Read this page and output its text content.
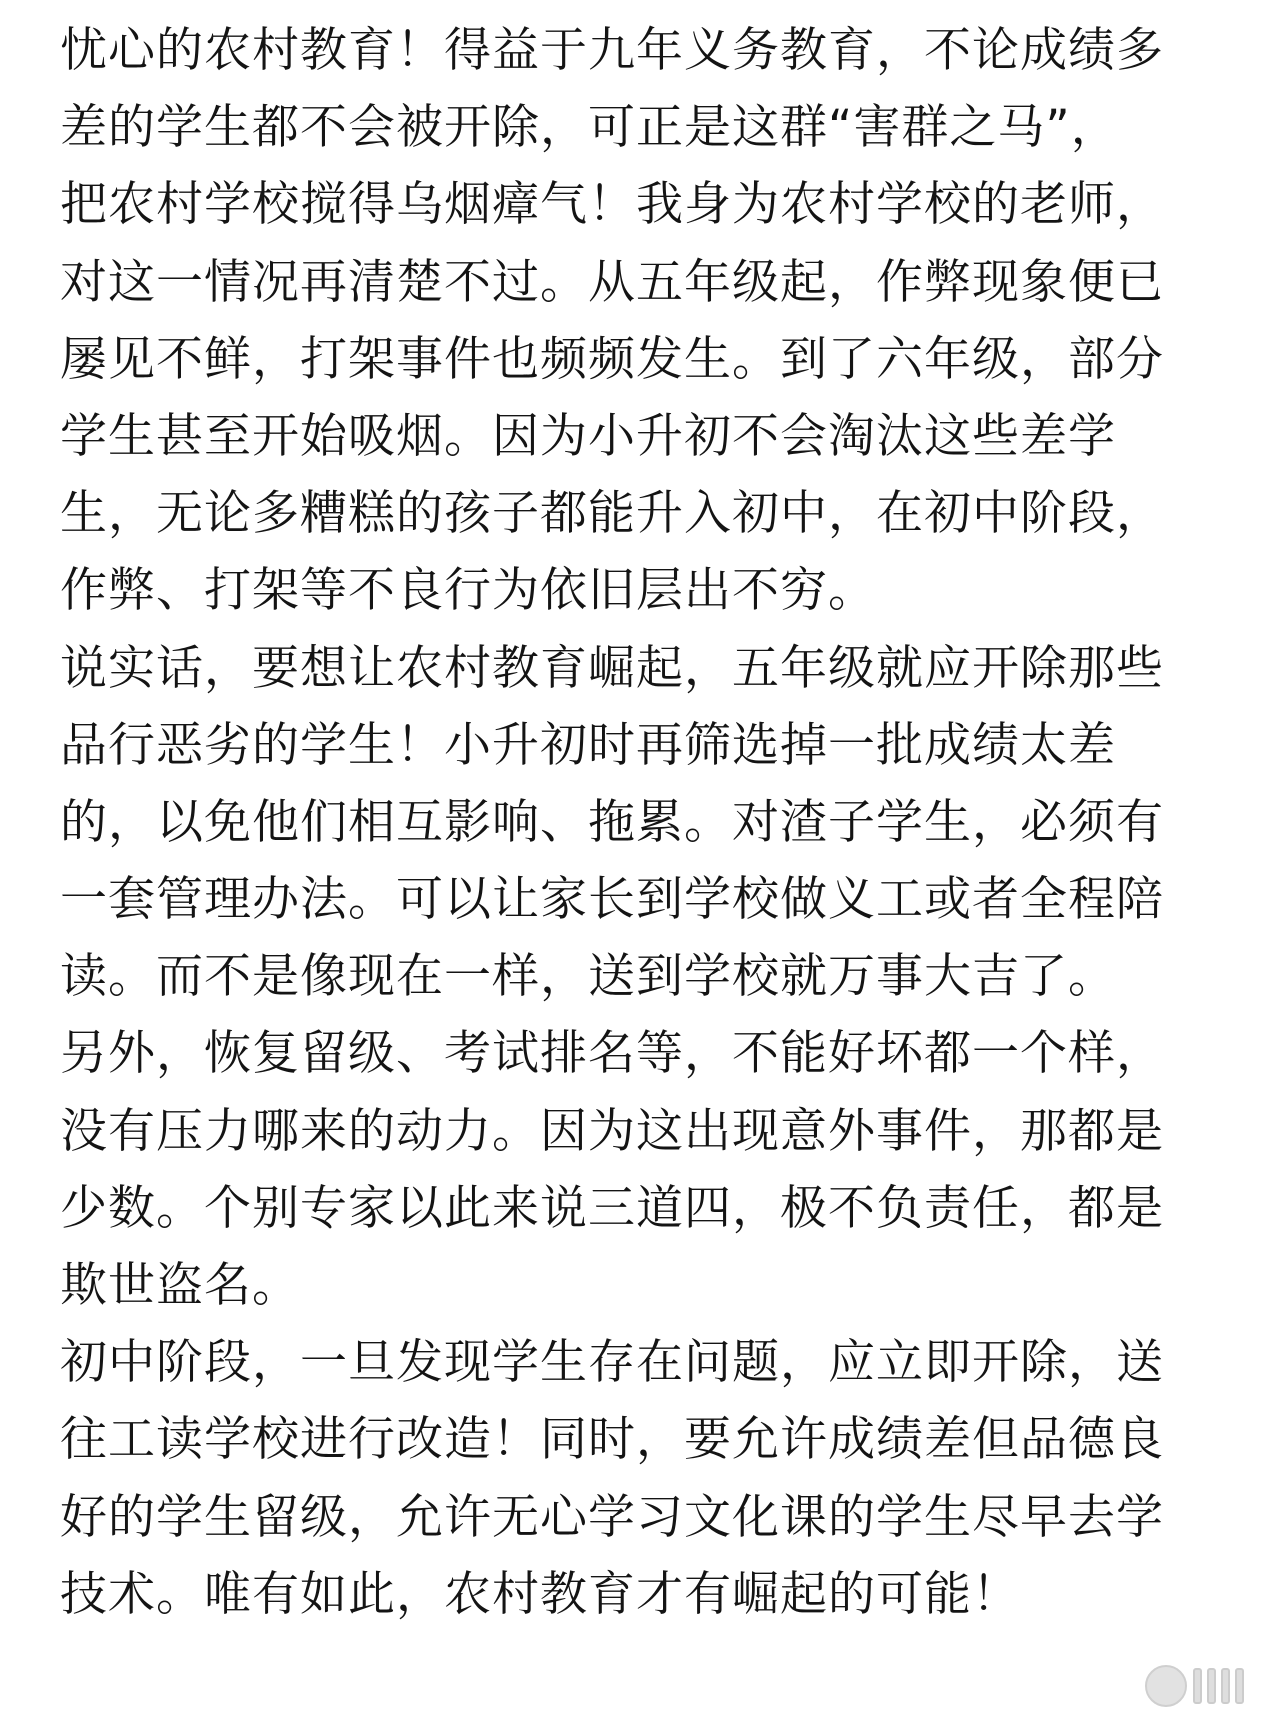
忧心的农村教育！得益于九年义务教育，不论成绩多
差的学生都不会被开除，可正是这群“害群之马”，
把农村学校搅得乌烟瘴气！我身为农村学校的老师，
对这一情况再清楚不过。从五年级起，作弊现象便已
屡见不鲜，打架事件也频频发生。到了六年级，部分
学生甚至开始吸烟。因为小升初不会淘汰这些差学
生，无论多糟糕的孩子都能升入初中，在初中阶段，
作弊、打架等不良行为依旧层出不穷。
说实话，要想让农村教育崛起，五年级就应开除那些
品行恶劣的学生！小升初时再筛选掉一批成绩太差
的，以免他们相互影响、拖累。对渣子学生，必须有
一套管理办法。可以让家长到学校做义工或者全程陪
读。而不是像现在一样，送到学校就万事大吉了。
另外，恢复留级、考试排名等，不能好坏都一个样，
没有压力哪来的动力。因为这出现意外事件，那都是
少数。个别专家以此来说三道四，极不负责任，都是
欺世盗名。
初中阶段，一旦发现学生存在问题，应立即开除，送
往工读学校进行改造！同时，要允许成绩差但品德良
好的学生留级，允许无心学习文化课的学生尽早去学
技术。唯有如此，农村教育才有崛起的可能！
